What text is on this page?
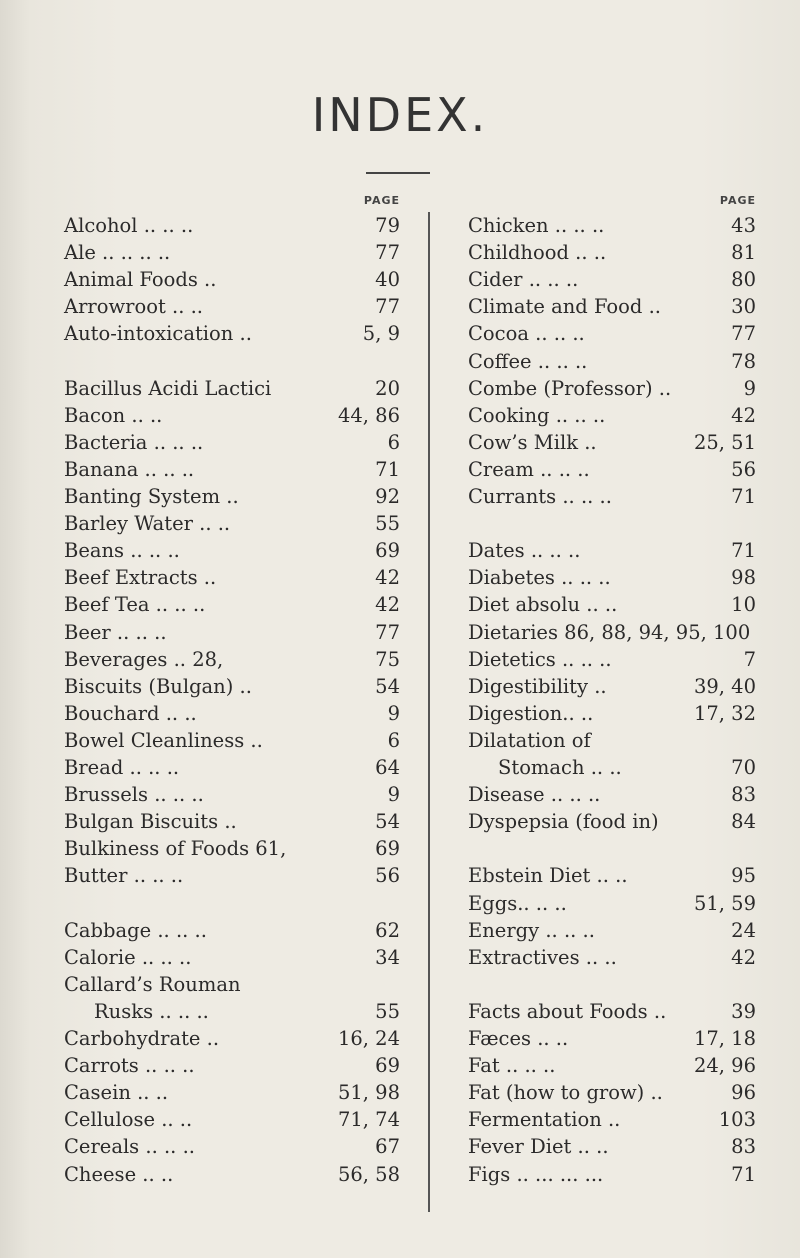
INDEX.
PAGE
Alcohol .. .. ..	79
Ale .. .. .. ..	77
Animal Foods ..	40
Arrowroot .. ..	77
Auto-intoxication ..	5, 9
Bacillus Acidi Lactici	20
Bacon .. ..	44, 86
Bacteria .. .. ..	6
Banana .. .. ..	71
Banting System ..	92
Barley Water .. ..	55
Beans .. .. ..	69
Beef Extracts ..	42
Beef Tea .. .. ..	42
Beer .. .. ..	77
Beverages .. 28,	75
Biscuits (Bulgan) ..	54
Bouchard .. ..	9
Bowel Cleanliness ..	6
Bread .. .. ..	64
Brussels .. .. ..	9
Bulgan Biscuits ..	54
Bulkiness of Foods 61,	69
Butter .. .. ..	56
Cabbage .. .. ..	62
Calorie .. .. ..	34
Callard’s Rouman
Rusks .. .. ..	55
Carbohydrate ..	16, 24
Carrots .. .. ..	69
Casein .. ..	51, 98
Cellulose .. ..	71, 74
Cereals .. .. ..	67
Cheese .. ..	56, 58
PAGE
Chicken .. .. ..	43
Childhood .. ..	81
Cider .. .. ..	80
Climate and Food ..	30
Cocoa .. .. ..	77
Coffee .. .. ..	78
Combe (Professor) ..	9
Cooking .. .. ..	42
Cow’s Milk ..	25, 51
Cream .. .. ..	56
Currants .. .. ..	71
Dates .. .. ..	71
Diabetes .. .. ..	98
Diet absolu .. ..	10
Dietaries 86, 88, 94, 95, 100
Dietetics .. .. ..	7
Digestibility ..	39, 40
Digestion.. ..	17, 32
Dilatation of
Stomach .. ..	70
Disease .. .. ..	83
Dyspepsia (food in)	84
Ebstein Diet .. ..	95
Eggs.. .. ..	51, 59
Energy .. .. ..	24
Extractives .. ..	42
Facts about Foods ..	39
Fæces .. ..	17, 18
Fat .. .. ..	24, 96
Fat (how to grow) ..	96
Fermentation ..	103
Fever Diet .. ..	83
Figs .. ... ... ...	71
